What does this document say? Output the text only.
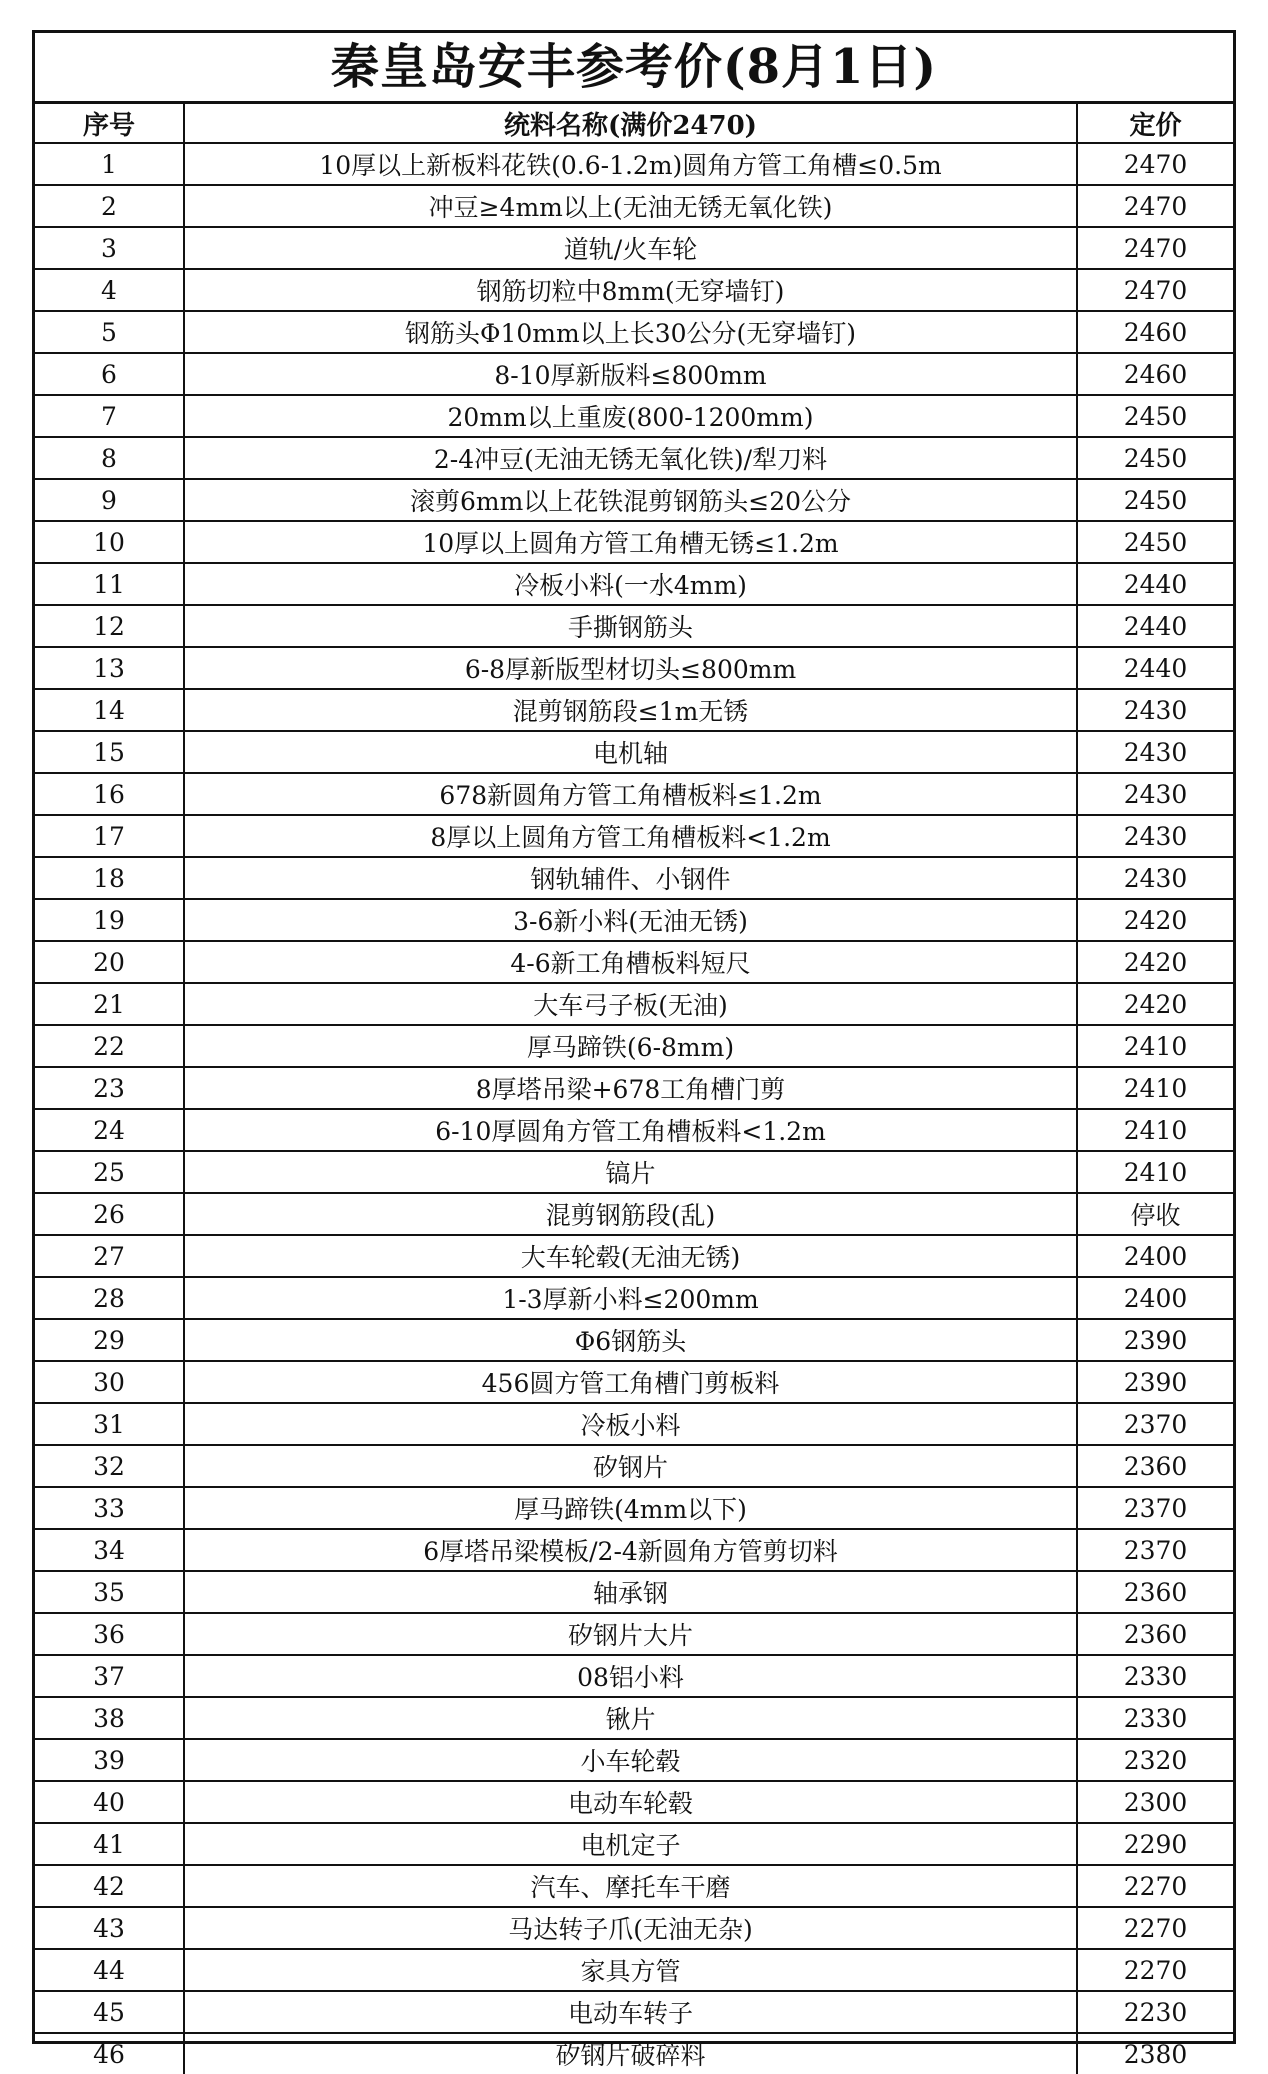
秦皇岛安丰参考价(8月1日)
序号	统料名称(满价2470)	定价
1	10厚以上新板料花铁(0.6-1.2m)圆角方管工角槽≤0.5m	2470
2	冲豆≥4mm以上(无油无锈无氧化铁)	2470
3	道轨/火车轮	2470
4	钢筋切粒中8mm(无穿墙钉)	2470
5	钢筋头Φ10mm以上长30公分(无穿墙钉)	2460
6	8-10厚新版料≤800mm	2460
7	20mm以上重废(800-1200mm)	2450
8	2-4冲豆(无油无锈无氧化铁)/犁刀料	2450
9	滚剪6mm以上花铁混剪钢筋头≤20公分	2450
10	10厚以上圆角方管工角槽无锈≤1.2m	2450
11	冷板小料(一水4mm)	2440
12	手撕钢筋头	2440
13	6-8厚新版型材切头≤800mm	2440
14	混剪钢筋段≤1m无锈	2430
15	电机轴	2430
16	678新圆角方管工角槽板料≤1.2m	2430
17	8厚以上圆角方管工角槽板料<1.2m	2430
18	钢轨辅件、小钢件	2430
19	3-6新小料(无油无锈)	2420
20	4-6新工角槽板料短尺	2420
21	大车弓子板(无油)	2420
22	厚马蹄铁(6-8mm)	2410
23	8厚塔吊梁+678工角槽门剪	2410
24	6-10厚圆角方管工角槽板料<1.2m	2410
25	镐片	2410
26	混剪钢筋段(乱)	停收
27	大车轮毂(无油无锈)	2400
28	1-3厚新小料≤200mm	2400
29	Φ6钢筋头	2390
30	456圆方管工角槽门剪板料	2390
31	冷板小料	2370
32	矽钢片	2360
33	厚马蹄铁(4mm以下)	2370
34	6厚塔吊梁模板/2-4新圆角方管剪切料	2370
35	轴承钢	2360
36	矽钢片大片	2360
37	08铝小料	2330
38	锹片	2330
39	小车轮毂	2320
40	电动车轮毂	2300
41	电机定子	2290
42	汽车、摩托车干磨	2270
43	马达转子爪(无油无杂)	2270
44	家具方管	2270
45	电动车转子	2230
46	矽钢片破碎料	2380
